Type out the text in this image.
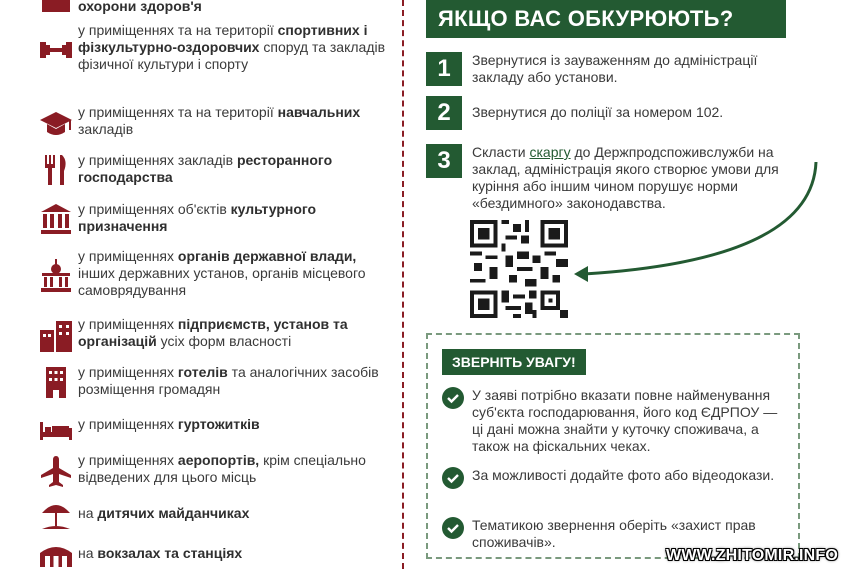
охорони здоров'я
у приміщеннях та на території спортивних і фізкультурно-оздоровчих споруд та закладів фізичної культури і спорту
у приміщеннях та на території навчальних закладів
у приміщеннях закладів ресторанного господарства
у приміщеннях об'єктів культурного призначення
у приміщеннях органів державної влади, інших державних установ, органів місцевого самоврядування
у приміщеннях підприємств, установ та організацій усіх форм власності
у приміщеннях готелів та аналогічних засобів розміщення громадян
у приміщеннях гуртожитків
у приміщеннях аеропортів, крім спеціально відведених для цього місць
на дитячих майданчиках
на вокзалах та станціях
ЯКЩО ВАС ОБКУРЮЮТЬ?
1	Звернутися із зауваженням до адміністрації закладу або установи.
2	Звернутися до поліції за номером 102.
3	Скласти скаргу до Держпродспоживслужби на заклад, адміністрація якого створює умови для куріння або іншим чином порушує норми «бездимного» законодавства.
ЗВЕРНІТЬ УВАГУ!
У заяві потрібно вказати повне найменування суб'єкта господарювання, його код ЄДРПОУ — ці дані можна знайти у куточку споживача, а також на фіскальних чеках.
За можливості додайте фото або відеодокази.
Тематикою звернення оберіть «захист прав споживачів».
WWW.ZHITOMIR.INFO
